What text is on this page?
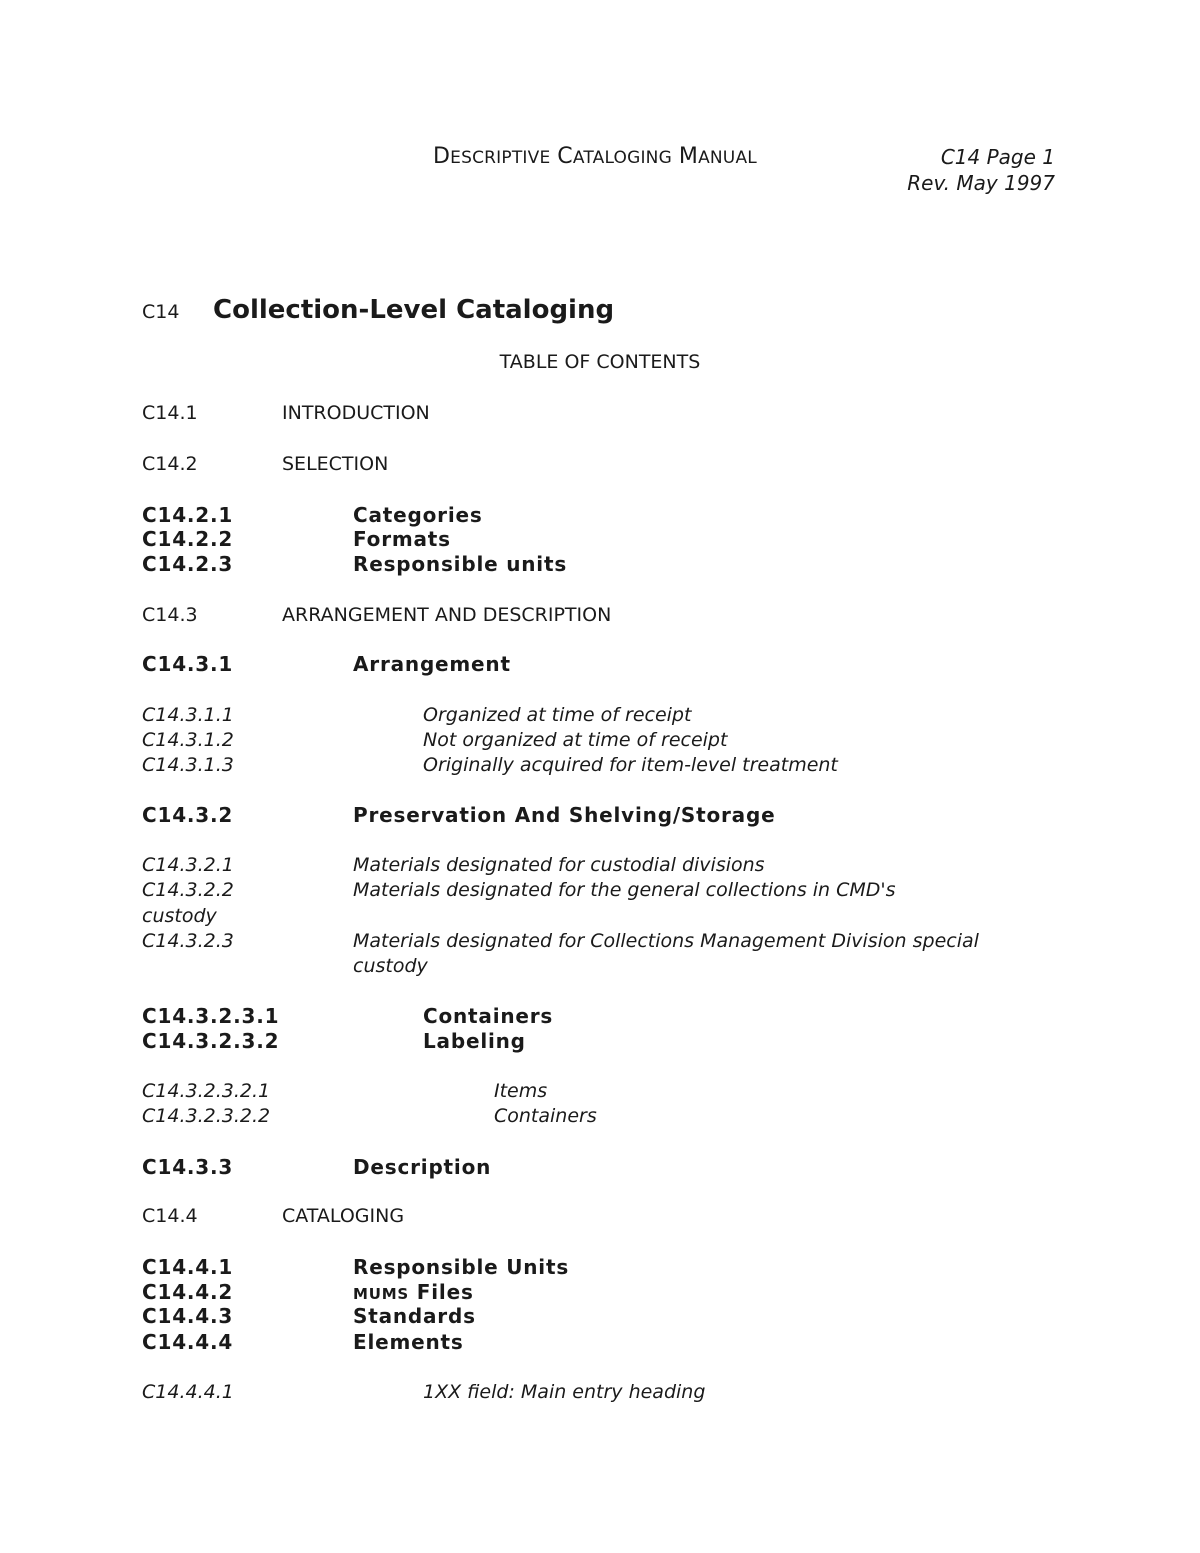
DESCRIPTIVE CATALOGING MANUAL	C14 Page 1
Rev. May 1997
C14 Collection-Level Cataloging
TABLE OF CONTENTS
C14.1	INTRODUCTION
C14.2	SELECTION
C14.2.1	Categories
C14.2.2	Formats
C14.2.3	Responsible units
C14.3	ARRANGEMENT AND DESCRIPTION
C14.3.1	Arrangement
C14.3.1.1	Organized at time of receipt
C14.3.1.2	Not organized at time of receipt
C14.3.1.3	Originally acquired for item-level treatment
C14.3.2	Preservation And Shelving/Storage
C14.3.2.1	Materials designated for custodial divisions
C14.3.2.2	Materials designated for the general collections in CMD's
custody
C14.3.2.3	Materials designated for Collections Management Division special custody
C14.3.2.3.1	Containers
C14.3.2.3.2	Labeling
C14.3.2.3.2.1	Items
C14.3.2.3.2.2	Containers
C14.3.3	Description
C14.4	CATALOGING
C14.4.1	Responsible Units
C14.4.2	MUMS Files
C14.4.3	Standards
C14.4.4	Elements
C14.4.4.1	1XX field: Main entry heading
